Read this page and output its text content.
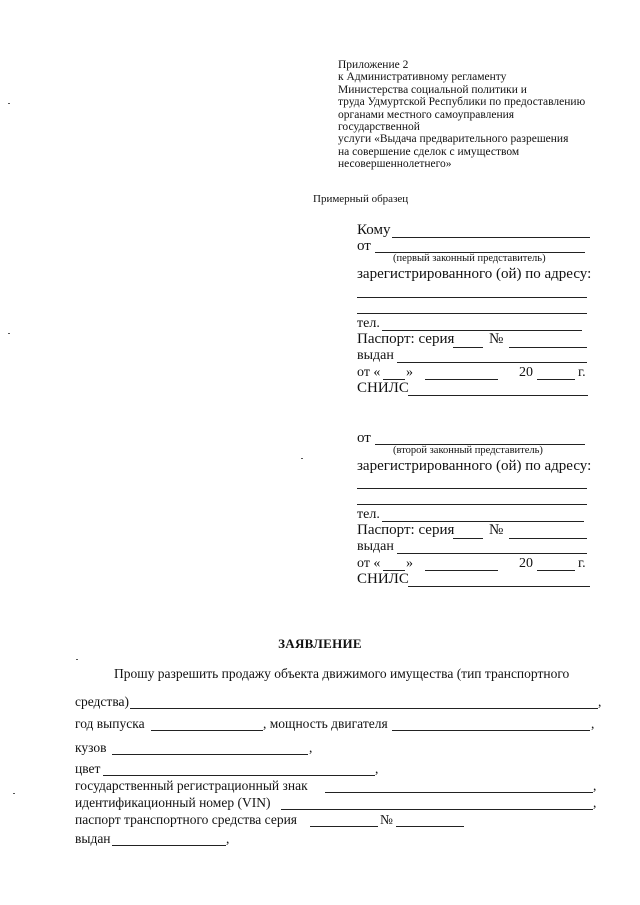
Приложение 2
к Административному регламенту
Министерства социальной политики и
труда Удмуртской Республики по предоставлению
органами местного самоуправления
государственной
услуги «Выдача предварительного разрешения
на совершение сделок с имуществом
несовершеннолетнего»
Примерный образец
Кому
от
(первый законный представитель)
зарегистрированного (ой) по адресу:
тел.
Паспорт: серия №
выдан
от « »	20	г.
СНИЛС
от
(второй законный представитель)
зарегистрированного (ой) по адресу:
тел.
Паспорт: серия №
выдан
от « »	20	г.
СНИЛС
ЗАЯВЛЕНИЕ
Прошу разрешить продажу объекта движимого имущества (тип транспортного
средства)	,
год выпуска	, мощность двигателя	,
кузов	,
цвет	,
государственный регистрационный знак	,
идентификационный номер (VIN)	,
паспорт транспортного средства серия	№
выдан	,
